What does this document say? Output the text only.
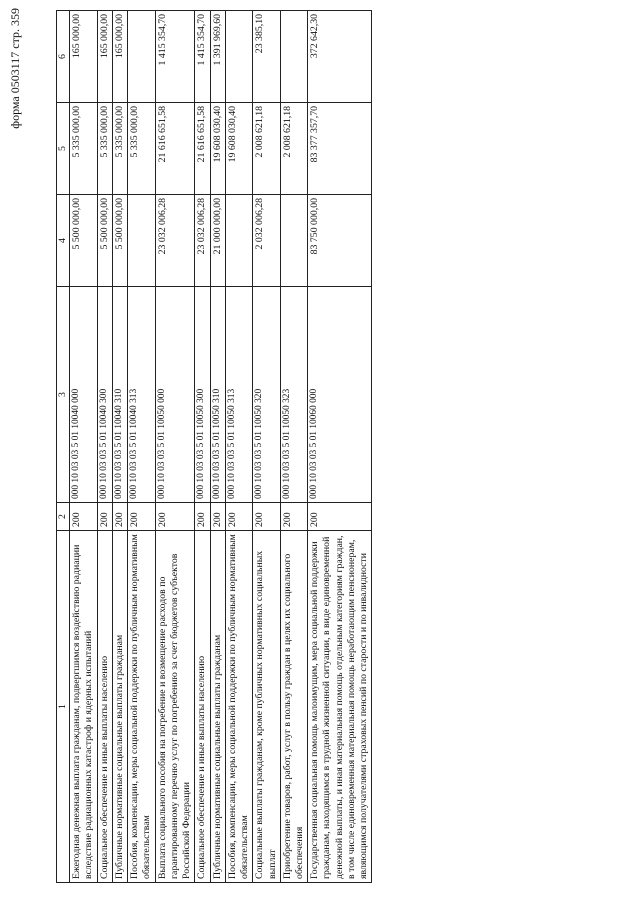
форма 0503117 стр. 359
1	2	3	4	5	6
Ежегодная денежная выплата гражданам, подвергшимся воздействию радиации вследствие радиационных катастроф и ядерных испытаний	200	000 10 03 03 5 01 10040 000	5 500 000,00	5 335 000,00	165 000,00
Социальное обеспечение и иные выплаты населению	200	000 10 03 03 5 01 10040 300	5 500 000,00	5 335 000,00	165 000,00
Публичные нормативные социальные выплаты гражданам	200	000 10 03 03 5 01 10040 310	5 500 000,00	5 335 000,00	165 000,00
Пособия, компенсации, меры социальной поддержки по публичным нормативным обязательствам	200	000 10 03 03 5 01 10040 313		5 335 000,00	
Выплата социального пособия на погребение и возмещение расходов по гарантированному перечню услуг по погребению за счет бюджетов субъектов Российской Федерации	200	000 10 03 03 5 01 10050 000	23 032 006,28	21 616 651,58	1 415 354,70
Социальное обеспечение и иные выплаты населению	200	000 10 03 03 5 01 10050 300	23 032 006,28	21 616 651,58	1 415 354,70
Публичные нормативные социальные выплаты гражданам	200	000 10 03 03 5 01 10050 310	21 000 000,00	19 608 030,40	1 391 969,60
Пособия, компенсации, меры социальной поддержки по публичным нормативным обязательствам	200	000 10 03 03 5 01 10050 313		19 608 030,40	
Социальные выплаты гражданам, кроме публичных нормативных социальных выплат	200	000 10 03 03 5 01 10050 320	2 032 006,28	2 008 621,18	23 385,10
Приобретение товаров, работ, услуг в пользу граждан в целях их социального обеспечения	200	000 10 03 03 5 01 10050 323		2 008 621,18	
Государственная социальная помощь малоимущим, мера социальной поддержки гражданам, находящимся в трудной жизненной ситуации, в виде единовременной денежной выплаты, и иная материальная помощь отдельным категориям граждан, в том числе единовременная материальная помощь неработающим пенсионерам, являющимся получателями страховых пенсий по старости и по инвалидности	200	000 10 03 03 5 01 10060 000	83 750 000,00	83 377 357,70	372 642,30
